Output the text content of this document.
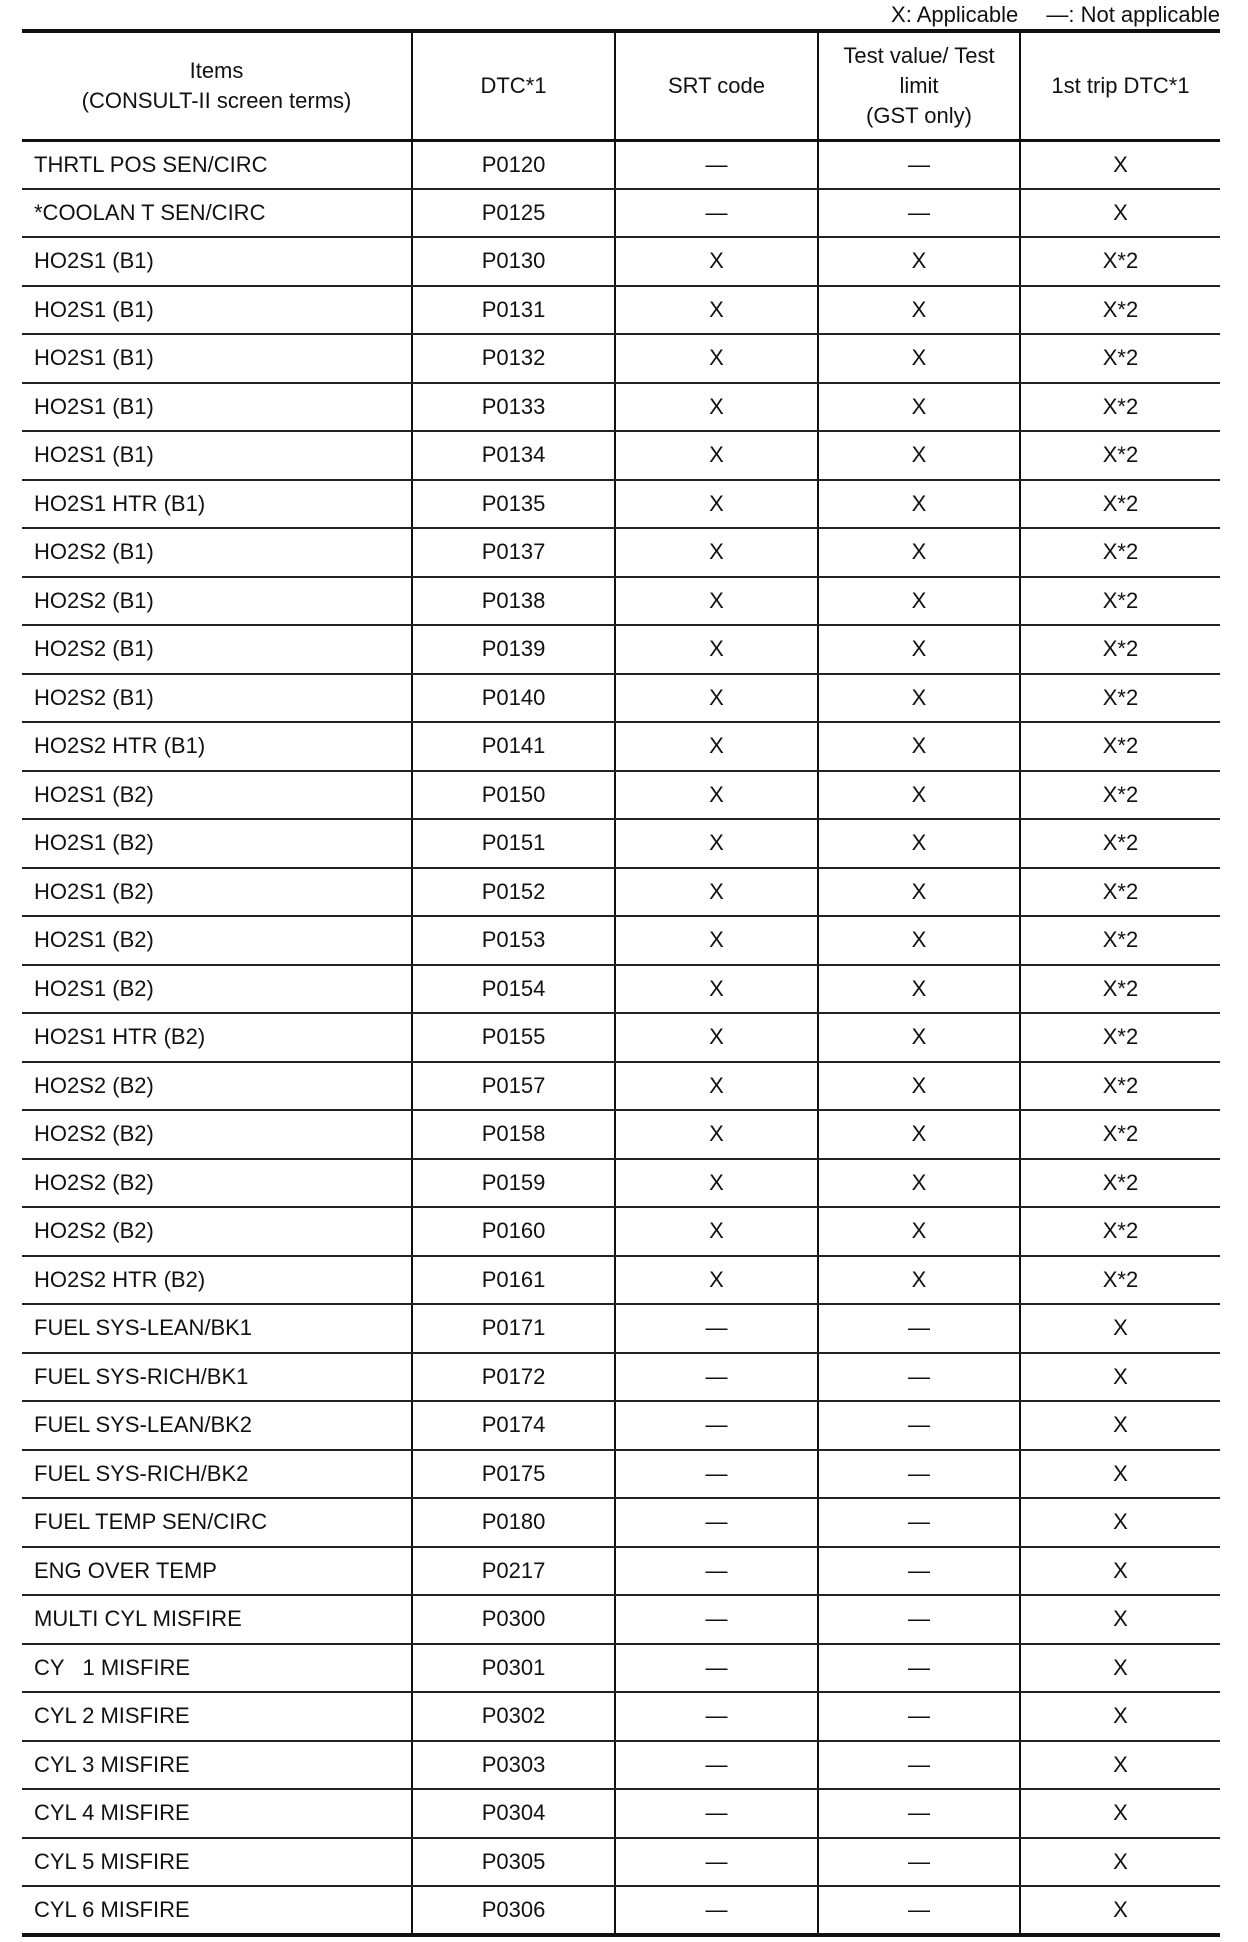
X: Applicable —: Not applicable
Items
(CONSULT-II screen terms)	DTC*1	SRT code	Test value/ Test
limit
(GST only)	1st trip DTC*1
THRTL POS SEN/CIRC	P0120	—	—	X
*COOLAN T SEN/CIRC	P0125	—	—	X
HO2S1 (B1)	P0130	X	X	X*2
HO2S1 (B1)	P0131	X	X	X*2
HO2S1 (B1)	P0132	X	X	X*2
HO2S1 (B1)	P0133	X	X	X*2
HO2S1 (B1)	P0134	X	X	X*2
HO2S1 HTR (B1)	P0135	X	X	X*2
HO2S2 (B1)	P0137	X	X	X*2
HO2S2 (B1)	P0138	X	X	X*2
HO2S2 (B1)	P0139	X	X	X*2
HO2S2 (B1)	P0140	X	X	X*2
HO2S2 HTR (B1)	P0141	X	X	X*2
HO2S1 (B2)	P0150	X	X	X*2
HO2S1 (B2)	P0151	X	X	X*2
HO2S1 (B2)	P0152	X	X	X*2
HO2S1 (B2)	P0153	X	X	X*2
HO2S1 (B2)	P0154	X	X	X*2
HO2S1 HTR (B2)	P0155	X	X	X*2
HO2S2 (B2)	P0157	X	X	X*2
HO2S2 (B2)	P0158	X	X	X*2
HO2S2 (B2)	P0159	X	X	X*2
HO2S2 (B2)	P0160	X	X	X*2
HO2S2 HTR (B2)	P0161	X	X	X*2
FUEL SYS-LEAN/BK1	P0171	—	—	X
FUEL SYS-RICH/BK1	P0172	—	—	X
FUEL SYS-LEAN/BK2	P0174	—	—	X
FUEL SYS-RICH/BK2	P0175	—	—	X
FUEL TEMP SEN/CIRC	P0180	—	—	X
ENG OVER TEMP	P0217	—	—	X
MULTI CYL MISFIRE	P0300	—	—	X
CY   1 MISFIRE	P0301	—	—	X
CYL 2 MISFIRE	P0302	—	—	X
CYL 3 MISFIRE	P0303	—	—	X
CYL 4 MISFIRE	P0304	—	—	X
CYL 5 MISFIRE	P0305	—	—	X
CYL 6 MISFIRE	P0306	—	—	X
